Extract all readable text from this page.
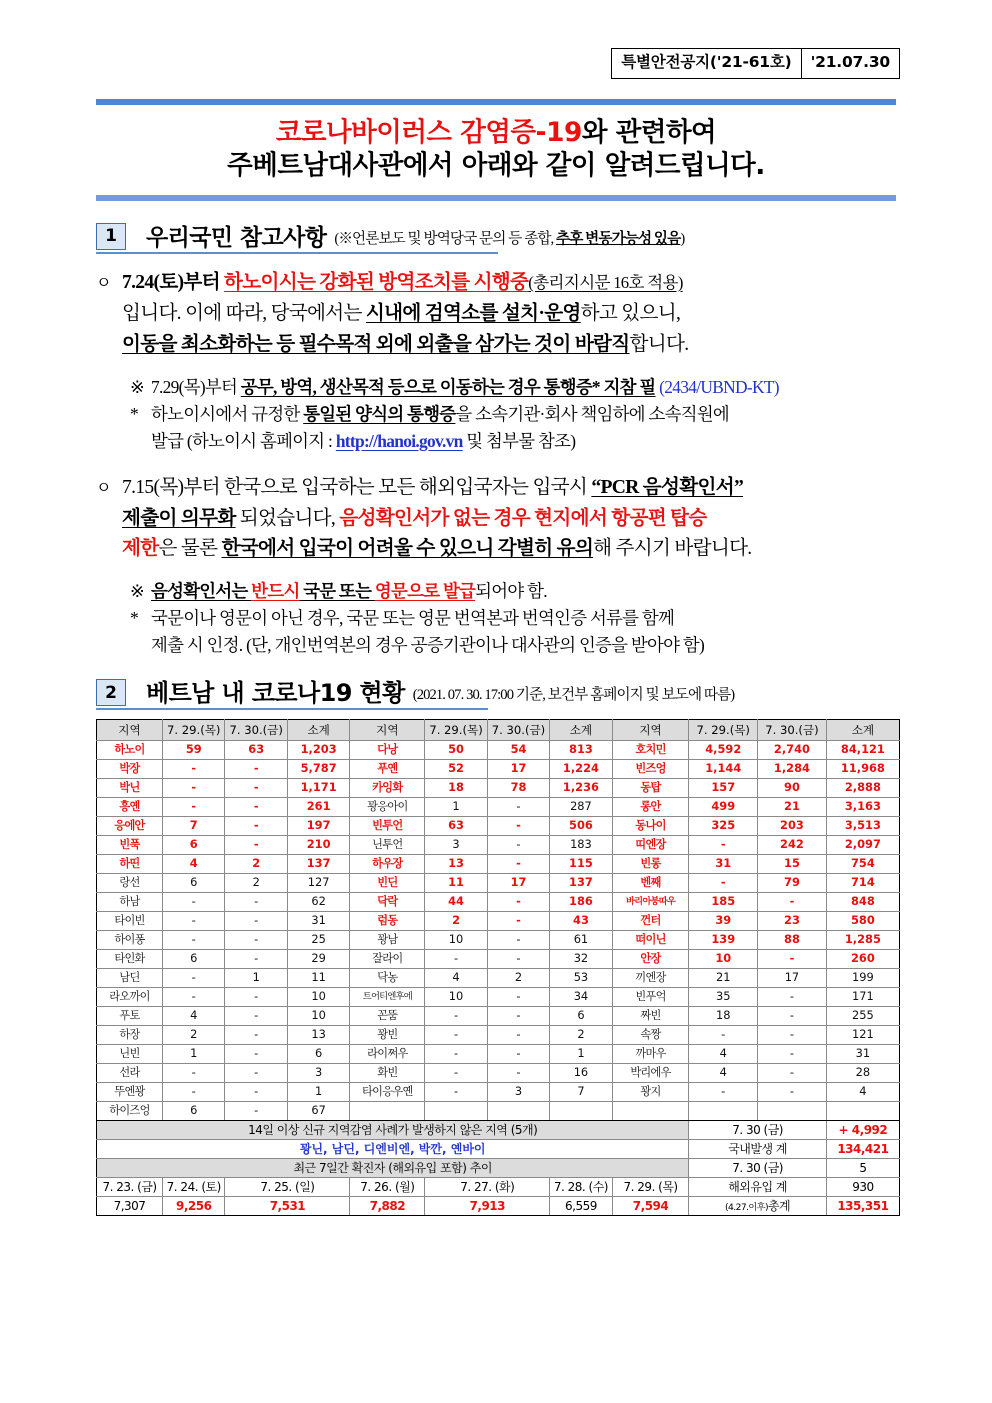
특별안전공지('21-61호)	'21.07.30
코로나바이러스 감염증-19와 관련하여
주베트남대사관에서 아래와 같이 알려드립니다.
1	우리국민 참고사항 (※언론보도 및 방역당국 문의 등 종합, 추후 변동가능성 있음)
ㅇ 7.24(토)부터 하노이시는 강화된 방역조치를 시행중(총리지시문 16호 적용)
입니다. 이에 따라, 당국에서는 시내에 검역소를 설치·운영하고 있으니,
이동을 최소화하는 등 필수목적 외에 외출을 삼가는 것이 바람직합니다.
※ 7.29(목)부터 공무, 방역, 생산목적 등으로 이동하는 경우 통행증* 지참 필 (2434/UBND-KT)
* 하노이시에서 규정한 통일된 양식의 통행증을 소속기관·회사 책임하에 소속직원에
발급 (하노이시 홈페이지 : http://hanoi.gov.vn 및 첨부물 참조)
ㅇ 7.15(목)부터 한국으로 입국하는 모든 해외입국자는 입국시 “PCR 음성확인서”
제출이 의무화 되었습니다, 음성확인서가 없는 경우 현지에서 항공편 탑승
제한은 물론 한국에서 입국이 어려울 수 있으니 각별히 유의해 주시기 바랍니다.
※ 음성확인서는 반드시 국문 또는 영문으로 발급되어야 함.
* 국문이나 영문이 아닌 경우, 국문 또는 영문 번역본과 번역인증 서류를 함께
제출 시 인정. (단, 개인번역본의 경우 공증기관이나 대사관의 인증을 받아야 함)
2	베트남 내 코로나19 현황 (2021. 07. 30. 17:00 기준, 보건부 홈페이지 및 보도에 따름)
지역	7. 29.(목)	7. 30.(금)	소계	지역	7. 29.(목)	7. 30.(금)	소계	지역	7. 29.(목)	7. 30.(금)	소계
하노이	59	63	1,203	다낭	50	54	813	호치민	4,592	2,740	84,121
박장	-	-	5,787	푸옌	52	17	1,224	빈즈엉	1,144	1,284	11,968
박닌	-	-	1,171	카잉화	18	78	1,236	동탑	157	90	2,888
흥옌	-	-	261	꽝응아이	1	-	287	롱안	499	21	3,163
응에안	7	-	197	빈투언	63	-	506	동나이	325	203	3,513
빈푹	6	-	210	닌투언	3	-	183	띠엔장	-	242	2,097
하띤	4	2	137	하우장	13	-	115	빈롱	31	15	754
랑선	6	2	127	빈딘	11	17	137	벤째	-	79	714
하남	-	-	62	닥락	44	-	186	바리아붕따우	185	-	848
타이빈	-	-	31	럼동	2	-	43	껀터	39	23	580
하이퐁	-	-	25	꽝남	10	-	61	떠이닌	139	88	1,285
타인화	6	-	29	잘라이	-	-	32	안장	10	-	260
남딘	-	1	11	닥농	4	2	53	끼엔장	21	17	199
라오까이	-	-	10	트어티엔후에	10	-	34	빈푸억	35	-	171
푸토	4	-	10	꼰뚬	-	-	6	짜빈	18	-	255
하장	2	-	13	꽝빈	-	-	2	속짱	-	-	121
닌빈	1	-	6	라이쩌우	-	-	1	까마우	4	-	31
선라	-	-	3	화빈	-	-	16	박리에우	4	-	28
뚜엔꽝	-	-	1	타이응우옌	-	3	7	꽝지	-	-	4
하이즈엉	6	-	67								
14일 이상 신규 지역감염 사례가 발생하지 않은 지역 (5개)									7. 30 (금)		+ 4,992
꽝닌, 남딘, 디엔비엔, 박깐, 옌바이									국내발생 계		134,421
최근 7일간 확진자 (해외유입 포함) 추이									7. 30 (금)		5
7. 23. (금)	7. 24. (토)	7. 25. (일)		7. 26. (월)	7. 27. (화)		7. 28. (수)	7. 29. (목)	해외유입 계		930
7,307	9,256	7,531		7,882	7,913		6,559	7,594	(4.27.이후)총계		135,351
